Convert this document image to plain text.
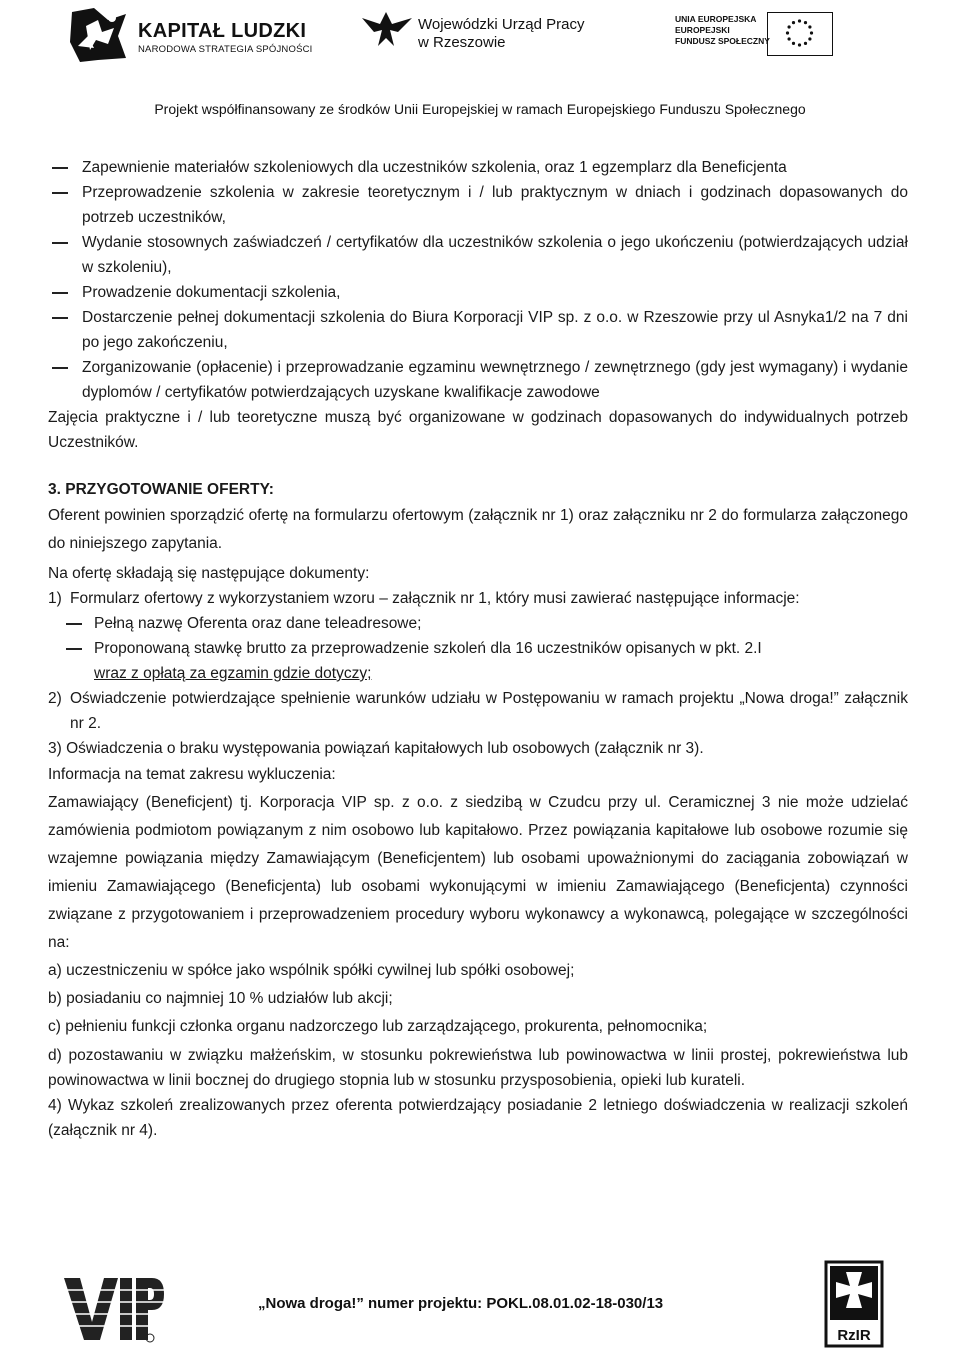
KAPITAŁ LUDZKI
NARODOWA STRATEGIA SPÓJNOŚCI
Wojewódzki Urząd Pracy
w Rzeszowie
UNIA EUROPEJSKA
EUROPEJSKI
FUNDUSZ SPOŁECZNY
Projekt współfinansowany ze środków Unii Europejskiej w ramach Europejskiego Funduszu Społecznego
Zapewnienie materiałów szkoleniowych dla uczestników szkolenia, oraz 1 egzemplarz dla Beneficjenta
Przeprowadzenie szkolenia w zakresie teoretycznym i / lub praktycznym w dniach i godzinach dopasowanych do potrzeb uczestników,
Wydanie stosownych zaświadczeń / certyfikatów dla uczestników szkolenia o jego ukończeniu (potwierdzających udział w szkoleniu),
Prowadzenie dokumentacji szkolenia,
Dostarczenie pełnej dokumentacji szkolenia do Biura Korporacji VIP sp. z o.o. w Rzeszowie przy ul Asnyka1/2 na 7 dni po jego zakończeniu,
Zorganizowanie (opłacenie) i przeprowadzanie egzaminu wewnętrznego / zewnętrznego (gdy jest wymagany) i wydanie dyplomów / certyfikatów potwierdzających uzyskane kwalifikacje zawodowe
Zajęcia praktyczne i / lub teoretyczne muszą być organizowane w godzinach dopasowanych do indywidualnych potrzeb Uczestników.
3. PRZYGOTOWANIE OFERTY:
Oferent powinien sporządzić ofertę na formularzu ofertowym (załącznik nr 1) oraz załączniku nr 2 do formularza załączonego do niniejszego zapytania.
Na ofertę składają się następujące dokumenty:
1) Formularz ofertowy z wykorzystaniem wzoru – załącznik nr 1, który musi zawierać następujące informacje:
Pełną nazwę Oferenta oraz dane teleadresowe;
Proponowaną stawkę brutto za przeprowadzenie szkoleń dla 16 uczestników opisanych w pkt. 2.I
wraz z opłatą za egzamin gdzie dotyczy;
2) Oświadczenie potwierdzające spełnienie warunków udziału w Postępowaniu w ramach projektu „Nowa droga!” załącznik nr 2.
3) Oświadczenia o braku występowania powiązań kapitałowych lub osobowych (załącznik nr 3).
Informacja na temat zakresu wykluczenia:
Zamawiający (Beneficjent) tj. Korporacja VIP sp. z o.o. z siedzibą w Czudcu przy ul. Ceramicznej 3 nie może udzielać zamówienia podmiotom powiązanym z nim osobowo lub kapitałowo. Przez powiązania kapitałowe lub osobowe rozumie się wzajemne powiązania między Zamawiającym (Beneficjentem) lub osobami upoważnionymi do zaciągania zobowiązań w imieniu Zamawiającego (Beneficjenta) lub osobami wykonującymi w imieniu Zamawiającego (Beneficjenta) czynności związane z przygotowaniem i przeprowadzeniem procedury wyboru wykonawcy a wykonawcą, polegające w szczególności na:
a) uczestniczeniu w spółce jako wspólnik spółki cywilnej lub spółki osobowej;
b) posiadaniu co najmniej 10 % udziałów lub akcji;
c) pełnieniu funkcji członka organu nadzorczego lub zarządzającego, prokurenta, pełnomocnika;
d) pozostawaniu w związku małżeńskim, w stosunku pokrewieństwa lub powinowactwa w linii prostej, pokrewieństwa lub powinowactwa w linii bocznej do drugiego stopnia lub w stosunku przysposobienia, opieki lub kurateli.
4) Wykaz szkoleń zrealizowanych przez oferenta potwierdzający posiadanie 2 letniego doświadczenia w realizacji szkoleń (załącznik nr 4).
„Nowa droga!” numer projektu: POKL.08.01.02-18-030/13
RzIR
